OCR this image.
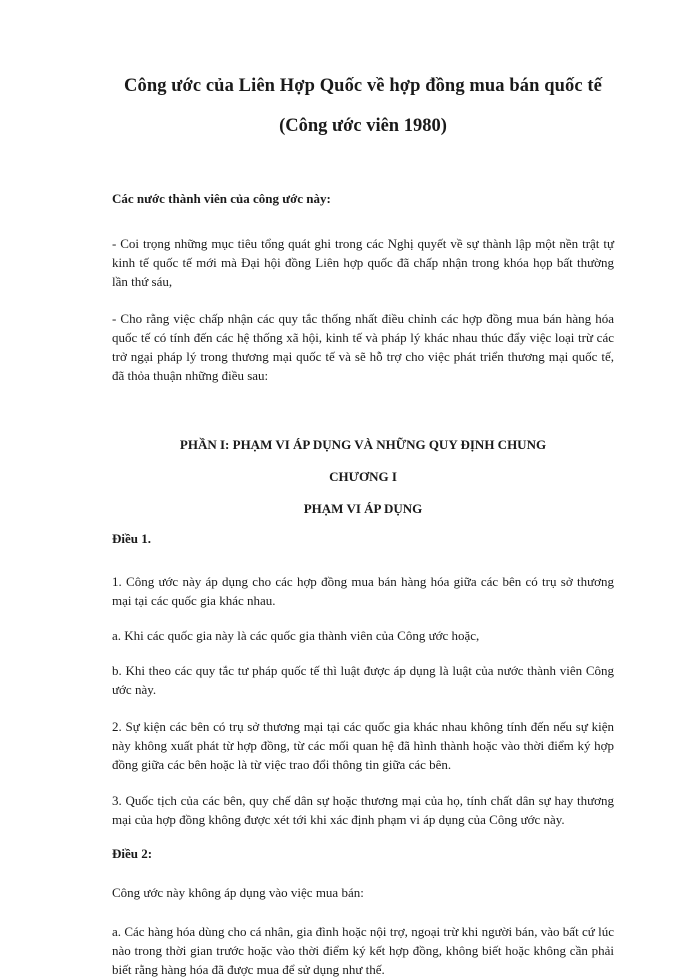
Công ước của Liên Hợp Quốc về hợp đồng mua bán quốc tế
(Công ước viên 1980)

Các nước thành viên của công ước này:

- Coi trọng những mục tiêu tổng quát ghi trong các Nghị quyết về sự thành lập một nền trật tự kinh tế quốc tế mới mà Đại hội đồng Liên hợp quốc đã chấp nhận trong khóa họp bất thường lần thứ sáu,

- Cho rằng việc chấp nhận các quy tắc thống nhất điều chỉnh các hợp đồng mua bán hàng hóa quốc tế có tính đến các hệ thống xã hội, kinh tế và pháp lý khác nhau thúc đẩy việc loại trừ các trở ngại pháp lý trong thương mại quốc tế và sẽ hỗ trợ cho việc phát triển thương mại quốc tế, đã thỏa thuận những điều sau:

PHẦN I: PHẠM VI ÁP DỤNG VÀ NHỮNG QUY ĐỊNH CHUNG

CHƯƠNG I

PHẠM VI ÁP DỤNG

Điều 1.

1. Công ước này áp dụng cho các hợp đồng mua bán hàng hóa giữa các bên có trụ sở thương mại tại các quốc gia khác nhau.

a. Khi các quốc gia này là các quốc gia thành viên của Công ước hoặc,

b. Khi theo các quy tắc tư pháp quốc tế thì luật được áp dụng là luật của nước thành viên Công ước này.

2. Sự kiện các bên có trụ sở thương mại tại các quốc gia khác nhau không tính đến nếu sự kiện này không xuất phát từ hợp đồng, từ các mối quan hệ đã hình thành hoặc vào thời điểm ký hợp đồng giữa các bên hoặc là từ việc trao đổi thông tin giữa các bên.

3. Quốc tịch của các bên, quy chế dân sự hoặc thương mại của họ, tính chất dân sự hay thương mại của hợp đồng không được xét tới khi xác định phạm vi áp dụng của Công ước này.

Điều 2:

Công ước này không áp dụng vào việc mua bán:

a. Các hàng hóa dùng cho cá nhân, gia đình hoặc nội trợ, ngoại trừ khi người bán, vào bất cứ lúc nào trong thời gian trước hoặc vào thời điểm ký kết hợp đồng, không biết hoặc không cần phải biết rằng hàng hóa đã được mua để sử dụng như thế.
